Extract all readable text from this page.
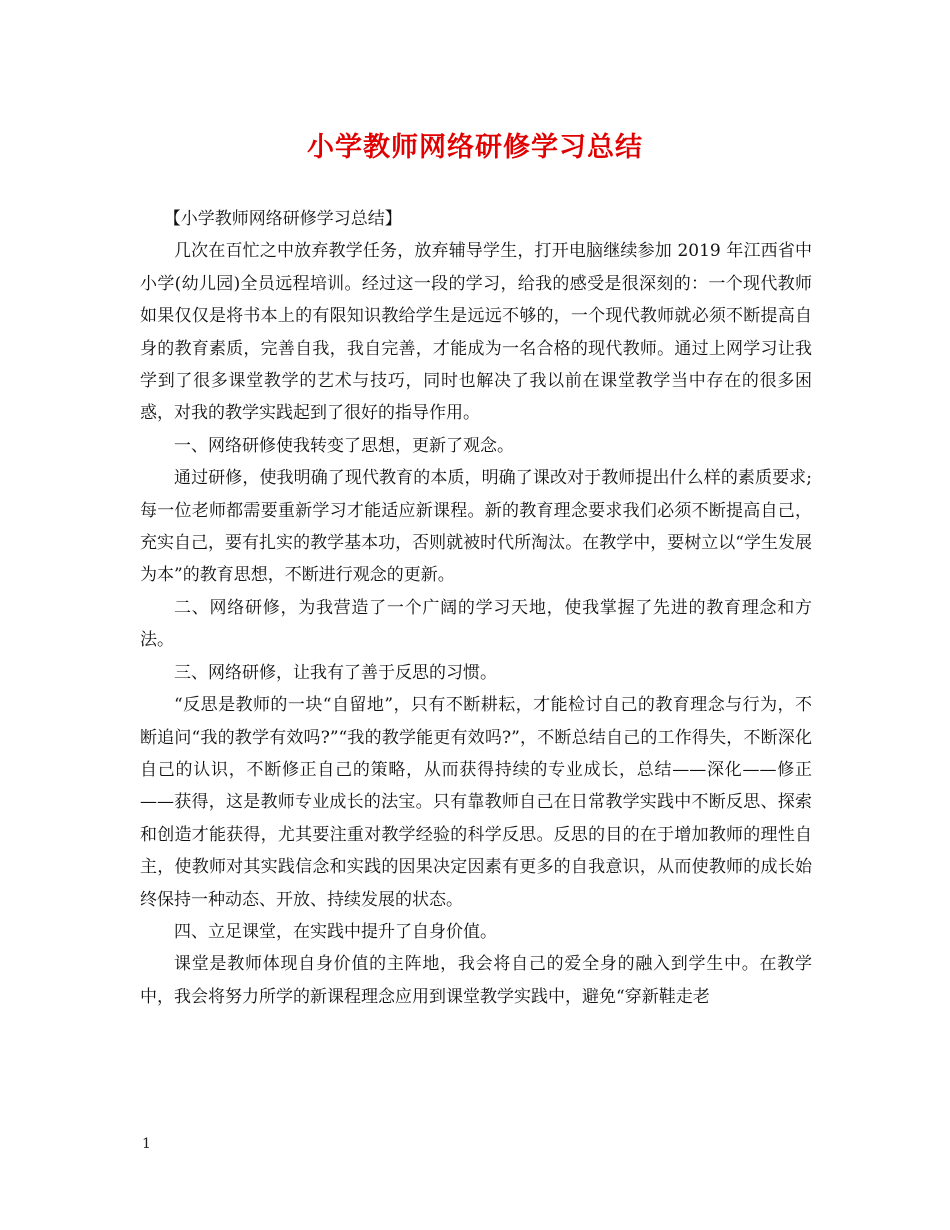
小学教师网络研修学习总结

【小学教师网络研修学习总结】

几次在百忙之中放弃教学任务，放弃辅导学生，打开电脑继续参加 2019 年江西省中小学(幼儿园)全员远程培训。经过这一段的学习，给我的感受是很深刻的：一个现代教师如果仅仅是将书本上的有限知识教给学生是远远不够的，一个现代教师就必须不断提高自身的教育素质，完善自我，我自完善，才能成为一名合格的现代教师。通过上网学习让我学到了很多课堂教学的艺术与技巧，同时也解决了我以前在课堂教学当中存在的很多困惑，对我的教学实践起到了很好的指导作用。

一、网络研修使我转变了思想，更新了观念。

通过研修，使我明确了现代教育的本质，明确了课改对于教师提出什么样的素质要求;每一位老师都需要重新学习才能适应新课程。新的教育理念要求我们必须不断提高自己，充实自己，要有扎实的教学基本功，否则就被时代所淘汰。在教学中，要树立以“学生发展为本”的教育思想，不断进行观念的更新。

二、网络研修，为我营造了一个广阔的学习天地，使我掌握了先进的教育理念和方法。

三、网络研修，让我有了善于反思的习惯。

“反思是教师的一块“自留地”，只有不断耕耘，才能检讨自己的教育理念与行为，不断追问“我的教学有效吗?”“我的教学能更有效吗?”，不断总结自己的工作得失，不断深化自己的认识，不断修正自己的策略，从而获得持续的专业成长，总结——深化——修正——获得，这是教师专业成长的法宝。只有靠教师自己在日常教学实践中不断反思、探索和创造才能获得，尤其要注重对教学经验的科学反思。反思的目的在于增加教师的理性自主，使教师对其实践信念和实践的因果决定因素有更多的自我意识，从而使教师的成长始终保持一种动态、开放、持续发展的状态。

四、立足课堂，在实践中提升了自身价值。

课堂是教师体现自身价值的主阵地，我会将自己的爱全身的融入到学生中。在教学中，我会将努力所学的新课程理念应用到课堂教学实践中，避免“穿新鞋走老

1
